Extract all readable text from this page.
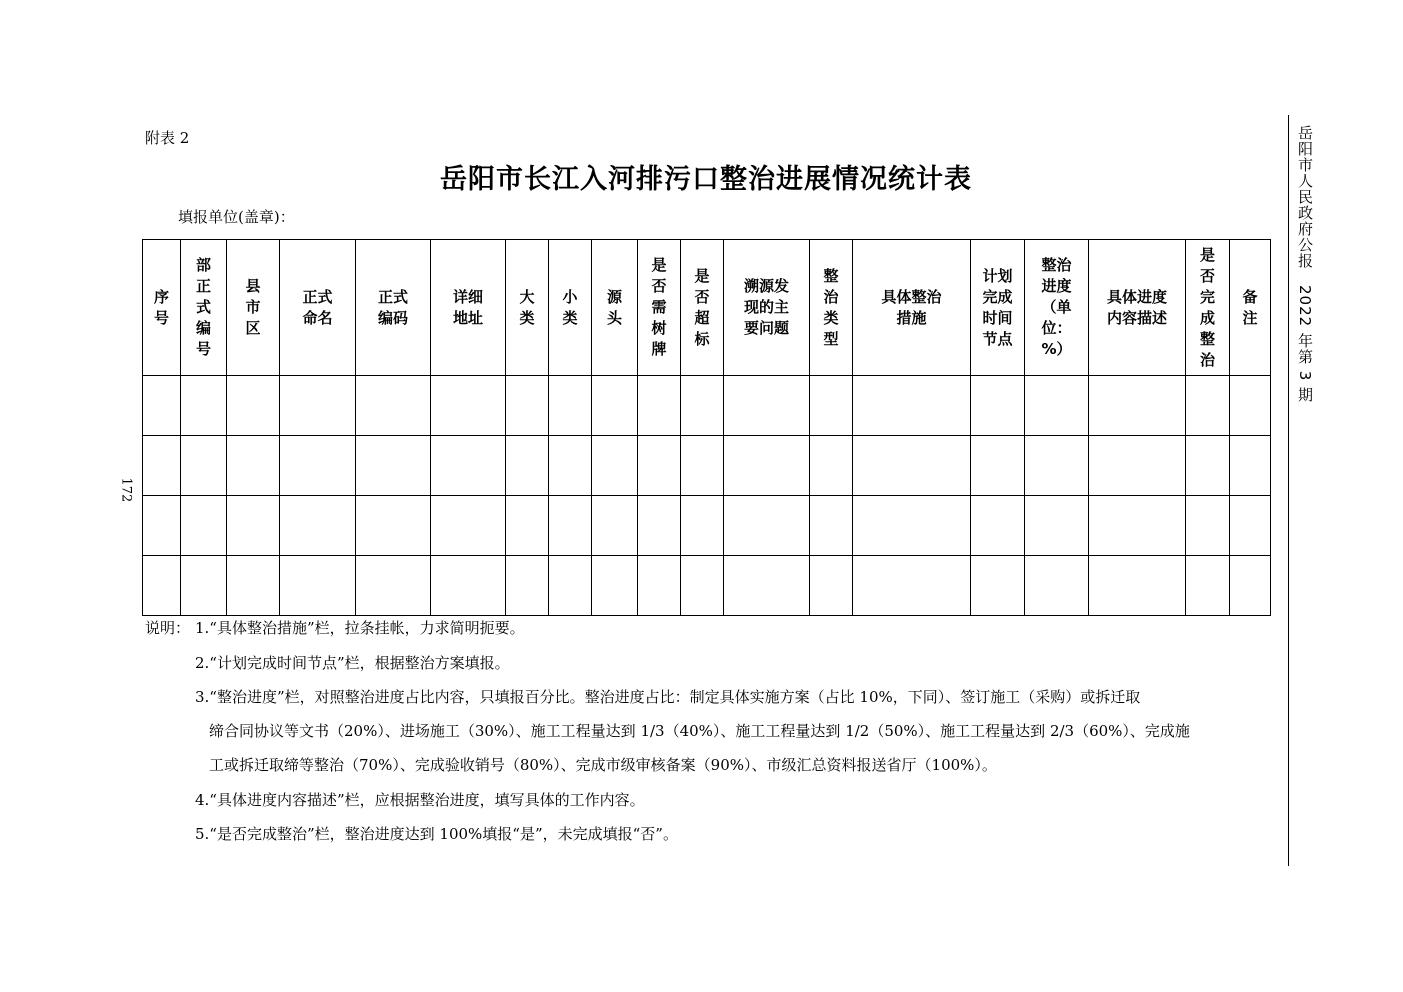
附表 2
岳阳市长江入河排污口整治进展情况统计表
填报单位(盖章)：
172
岳阳市人民政府公报　2022 年第 3 期
序号	部正式编号	县市区	正式命名	正式编码	详细地址	大类	小类	源头	是否需树牌	是否超标	溯源发现的主要问题	整治类型	具体整治措施	计划完成时间节点	整治进度（单位：%）	具体进度内容描述	是否完成整治	备注

说明： 1.“具体整治措施”栏，拉条挂帐，力求简明扼要。
2.“计划完成时间节点”栏，根据整治方案填报。
3.“整治进度”栏，对照整治进度占比内容，只填报百分比。整治进度占比：制定具体实施方案（占比 10%，下同）、签订施工（采购）或拆迁取
缔合同协议等文书（20%）、进场施工（30%）、施工工程量达到 1/3（40%）、施工工程量达到 1/2（50%）、施工工程量达到 2/3（60%）、完成施
工或拆迁取缔等整治（70%）、完成验收销号（80%）、完成市级审核备案（90%）、市级汇总资料报送省厅（100%）。
4.“具体进度内容描述”栏，应根据整治进度，填写具体的工作内容。
5.“是否完成整治”栏，整治进度达到 100%填报“是”，未完成填报“否”。
